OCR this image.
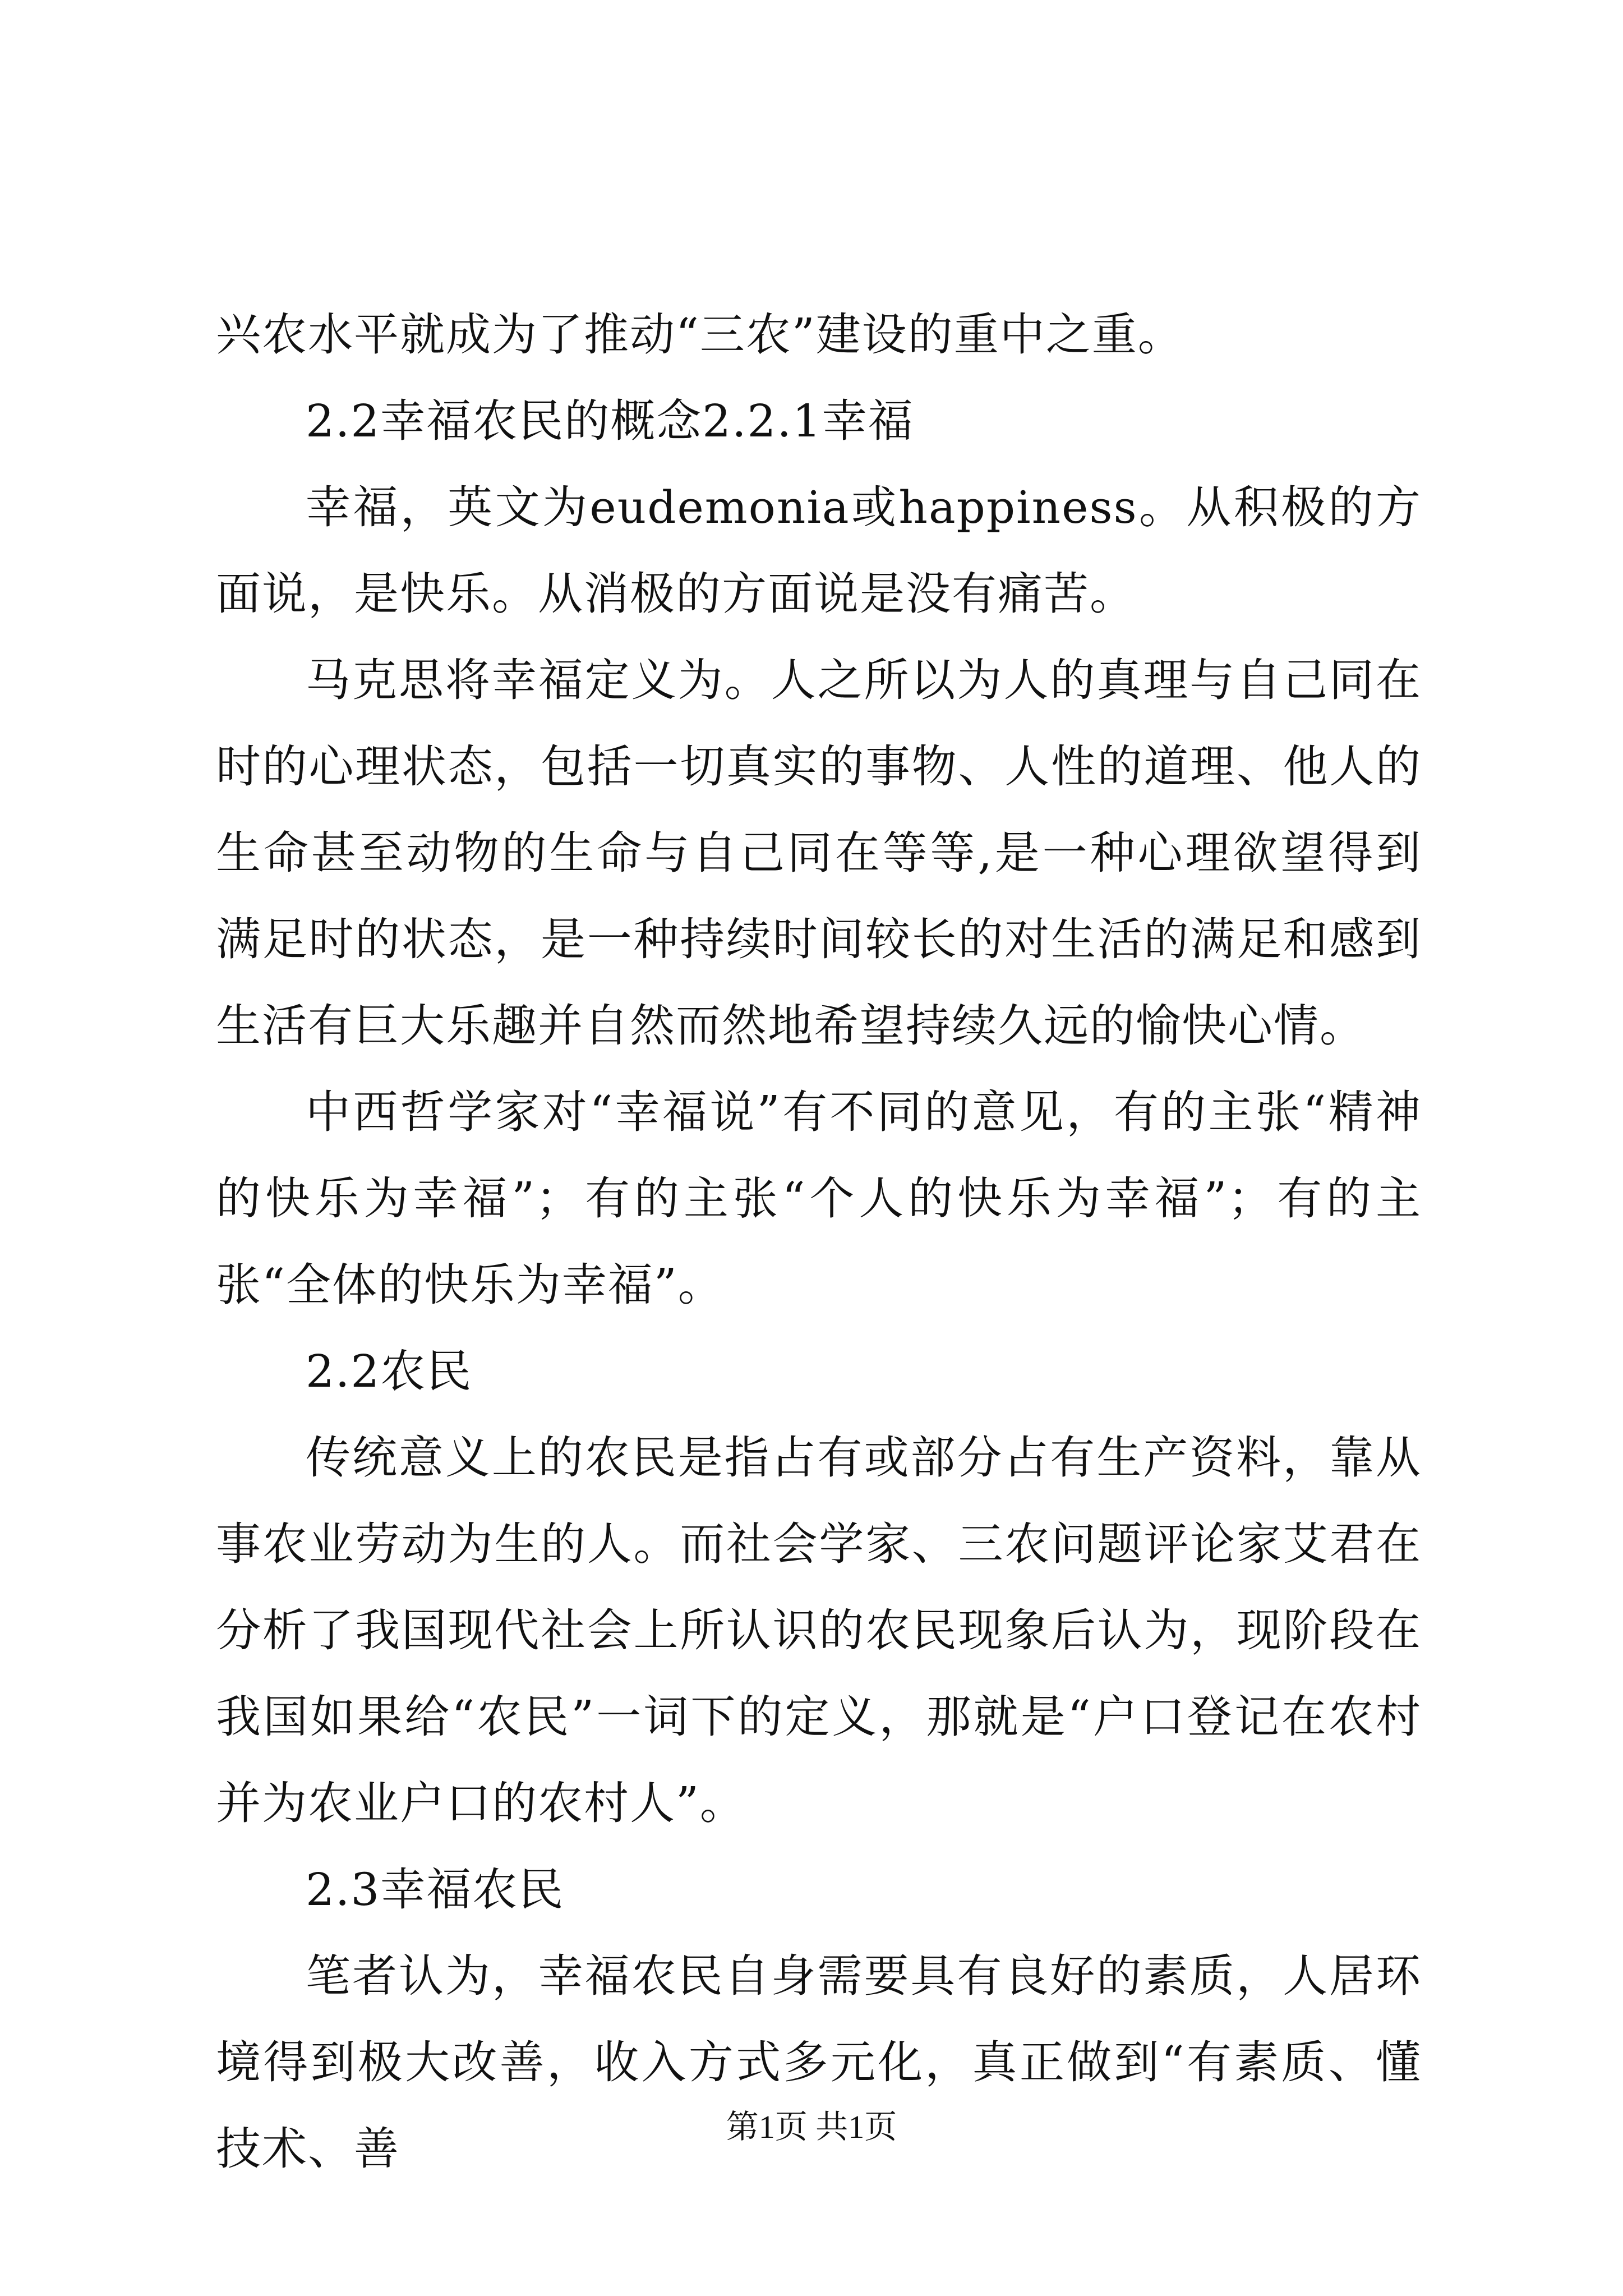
兴农水平就成为了推动“三农”建设的重中之重。

2.2幸福农民的概念2.2.1幸福

幸福，英文为eudemonia或happiness。从积极的方面说，是快乐。从消极的方面说是没有痛苦。

马克思将幸福定义为。人之所以为人的真理与自己同在时的心理状态，包括一切真实的事物、人性的道理、他人的生命甚至动物的生命与自己同在等等,是一种心理欲望得到满足时的状态，是一种持续时间较长的对生活的满足和感到生活有巨大乐趣并自然而然地希望持续久远的愉快心情。

中西哲学家对“幸福说”有不同的意见，有的主张“精神的快乐为幸福”；有的主张“个人的快乐为幸福”；有的主张“全体的快乐为幸福”。

2.2农民

传统意义上的农民是指占有或部分占有生产资料，靠从事农业劳动为生的人。而社会学家、三农问题评论家艾君在分析了我国现代社会上所认识的农民现象后认为，现阶段在我国如果给“农民”一词下的定义，那就是“户口登记在农村并为农业户口的农村人”。

2.3幸福农民

笔者认为，幸福农民自身需要具有良好的素质，人居环境得到极大改善，收入方式多元化，真正做到“有素质、懂技术、善	第1页 共1页
